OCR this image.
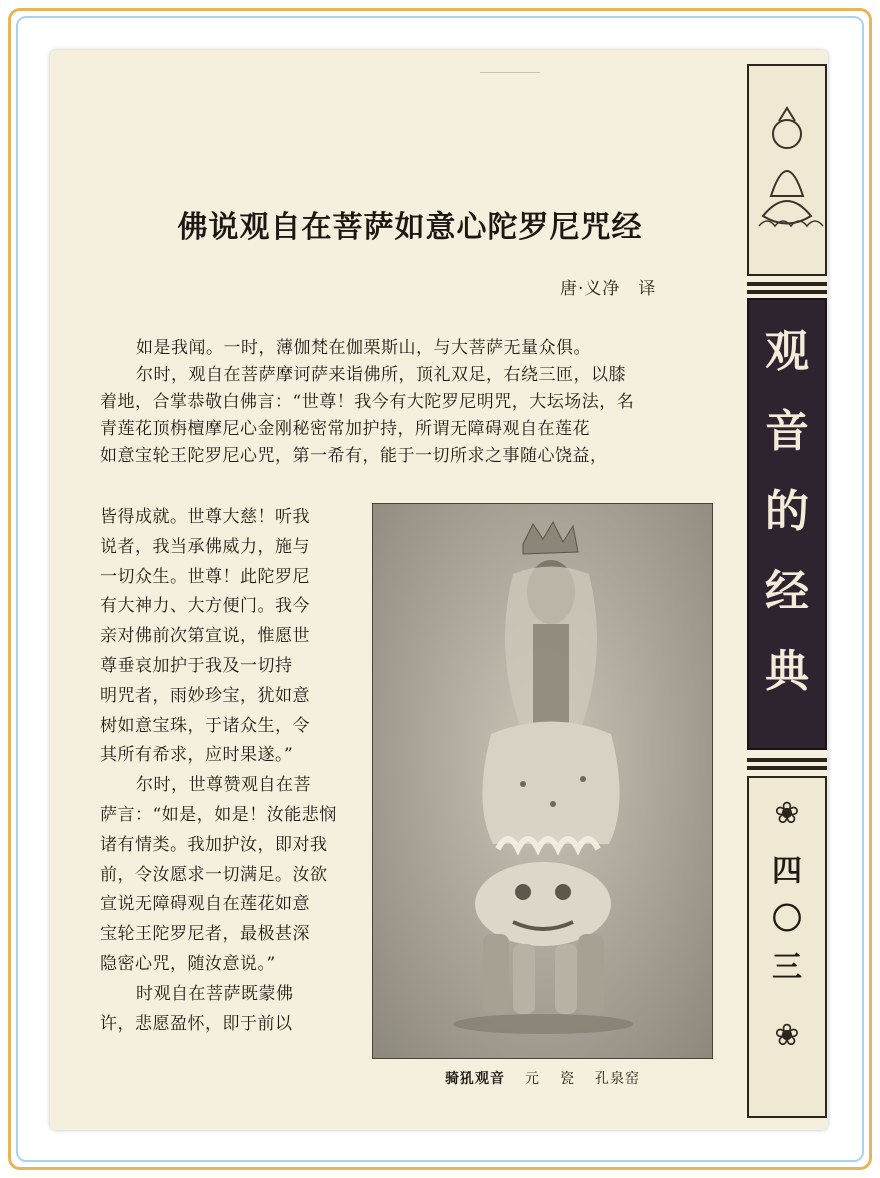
佛说观自在菩萨如意心陀罗尼咒经
唐·义净　译

如是我闻。一时，薄伽梵在伽栗斯山，与大菩萨无量众俱。

尔时，观自在菩萨摩诃萨来诣佛所，顶礼双足，右绕三匝，以膝

着地，合掌恭敬白佛言：“世尊！我今有大陀罗尼明咒，大坛场法，名

青莲花顶栴檀摩尼心金刚秘密常加护持，所谓无障碍观自在莲花

如意宝轮王陀罗尼心咒，第一希有，能于一切所求之事随心饶益，

皆得成就。世尊大慈！听我

说者，我当承佛威力，施与

一切众生。世尊！此陀罗尼

有大神力、大方便门。我今

亲对佛前次第宣说，惟愿世

尊垂哀加护于我及一切持

明咒者，雨妙珍宝，犹如意

树如意宝珠，于诸众生，令

其所有希求，应时果遂。”

尔时，世尊赞观自在菩

萨言：“如是，如是！汝能悲悯

诸有情类。我加护汝，即对我

前，令汝愿求一切满足。汝欲

宣说无障碍观自在莲花如意

宝轮王陀罗尼者，最极甚深

隐密心咒，随汝意说。”

时观自在菩萨既蒙佛

许，悲愿盈怀，即于前以

骑犼观音 元 瓷 孔泉窑
观
音
的
经
典
❀
四
〇
三
❀
